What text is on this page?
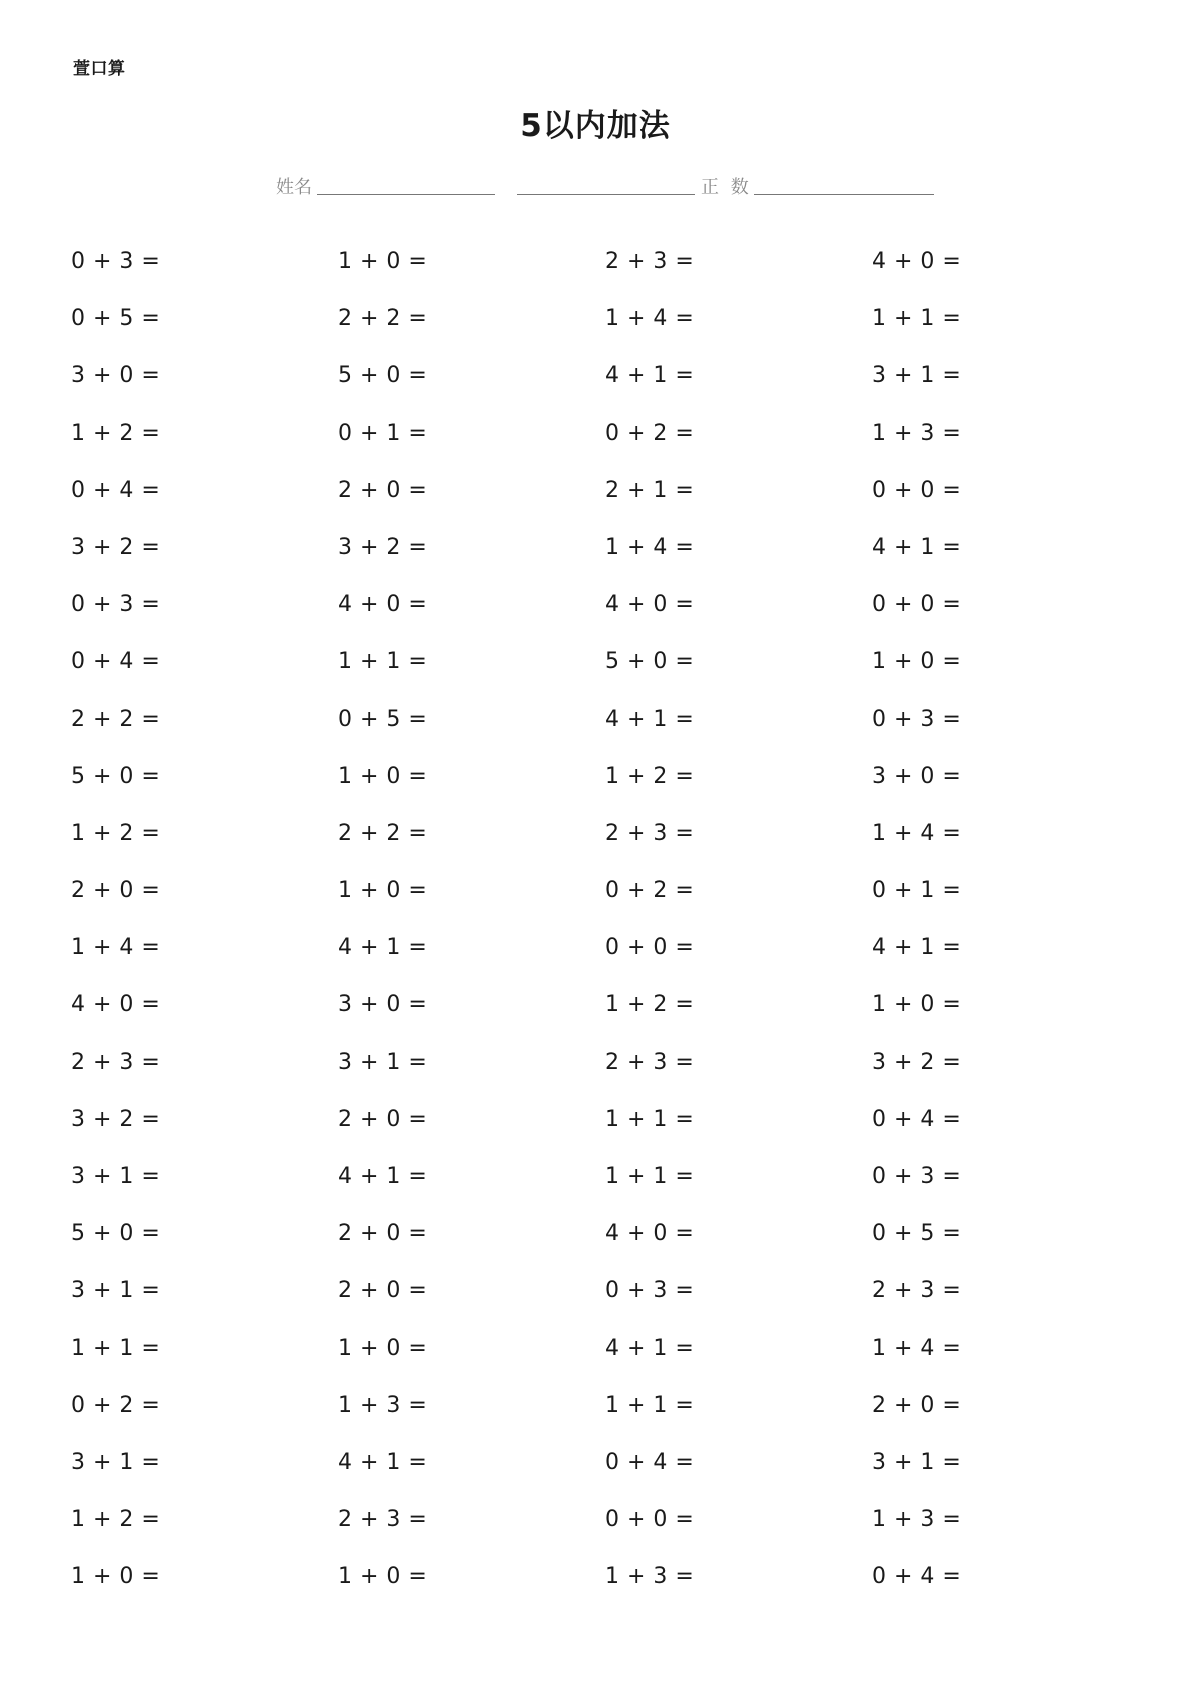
萱口算
5以内加法
姓名	正 数
0 + 3 =	1 + 0 =	2 + 3 =	4 + 0 =
0 + 5 =	2 + 2 =	1 + 4 =	1 + 1 =
3 + 0 =	5 + 0 =	4 + 1 =	3 + 1 =
1 + 2 =	0 + 1 =	0 + 2 =	1 + 3 =
0 + 4 =	2 + 0 =	2 + 1 =	0 + 0 =
3 + 2 =	3 + 2 =	1 + 4 =	4 + 1 =
0 + 3 =	4 + 0 =	4 + 0 =	0 + 0 =
0 + 4 =	1 + 1 =	5 + 0 =	1 + 0 =
2 + 2 =	0 + 5 =	4 + 1 =	0 + 3 =
5 + 0 =	1 + 0 =	1 + 2 =	3 + 0 =
1 + 2 =	2 + 2 =	2 + 3 =	1 + 4 =
2 + 0 =	1 + 0 =	0 + 2 =	0 + 1 =
1 + 4 =	4 + 1 =	0 + 0 =	4 + 1 =
4 + 0 =	3 + 0 =	1 + 2 =	1 + 0 =
2 + 3 =	3 + 1 =	2 + 3 =	3 + 2 =
3 + 2 =	2 + 0 =	1 + 1 =	0 + 4 =
3 + 1 =	4 + 1 =	1 + 1 =	0 + 3 =
5 + 0 =	2 + 0 =	4 + 0 =	0 + 5 =
3 + 1 =	2 + 0 =	0 + 3 =	2 + 3 =
1 + 1 =	1 + 0 =	4 + 1 =	1 + 4 =
0 + 2 =	1 + 3 =	1 + 1 =	2 + 0 =
3 + 1 =	4 + 1 =	0 + 4 =	3 + 1 =
1 + 2 =	2 + 3 =	0 + 0 =	1 + 3 =
1 + 0 =	1 + 0 =	1 + 3 =	0 + 4 =
